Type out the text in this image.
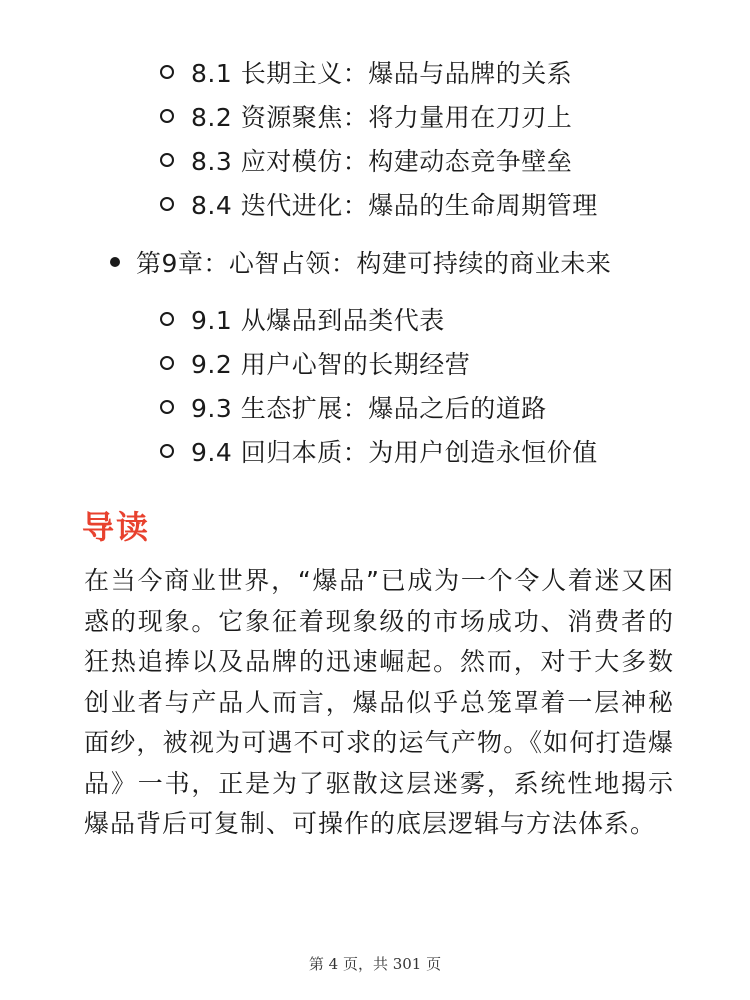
8.1 长期主义：爆品与品牌的关系
8.2 资源聚焦：将力量用在刀刃上
8.3 应对模仿：构建动态竞争壁垒
8.4 迭代进化：爆品的生命周期管理
第9章：心智占领：构建可持续的商业未来
9.1 从爆品到品类代表
9.2 用户心智的长期经营
9.3 生态扩展：爆品之后的道路
9.4 回归本质：为用户创造永恒价值
导读

在当今商业世界，“爆品”已成为一个令人着迷又困惑的现象。它象征着现象级的市场成功、消费者的狂热追捧以及品牌的迅速崛起。然而，对于大多数创业者与产品人而言，爆品似乎总笼罩着一层神秘面纱，被视为可遇不可求的运气产物。《如何打造爆品》一书，正是为了驱散这层迷雾，系统性地揭示爆品背后可复制、可操作的底层逻辑与方法体系。

第 4 页，共 301 页
